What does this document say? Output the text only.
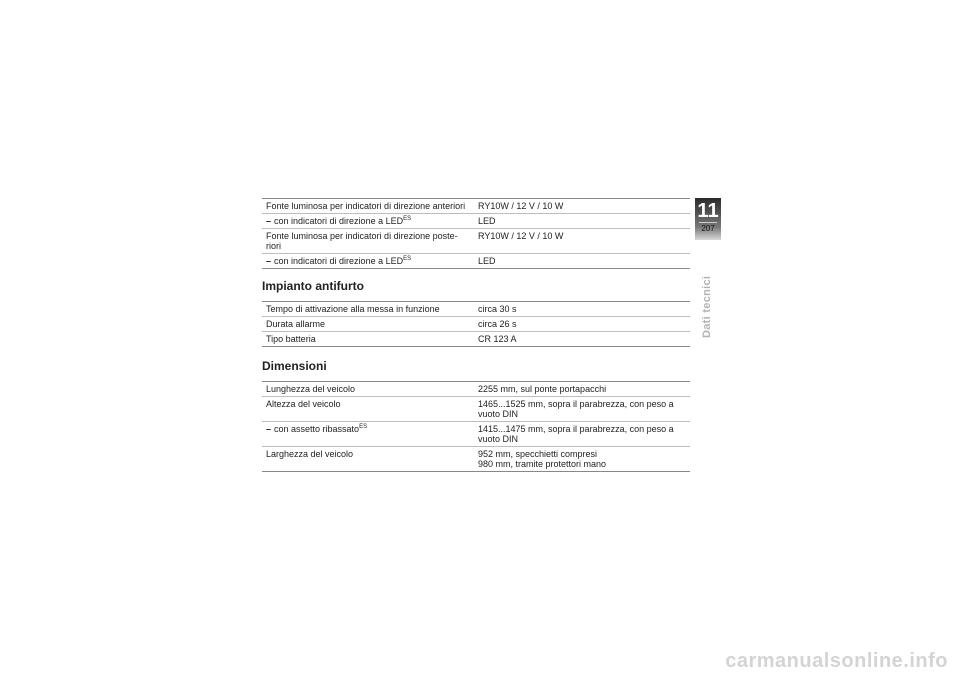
Fonte luminosa per indicatori di direzione anteriori	RY10W / 12 V / 10 W
– con indicatori di direzione a $LED^{ES}$	LED
Fonte luminosa per indicatori di direzione poste-riori	RY10W / 12 V / 10 W
– con indicatori di direzione a $LED^{ES}$	LED
Impianto antifurto
Tempo di attivazione alla messa in funzione	circa 30 s
Durata allarme	circa 26 s
Tipo batteria	CR 123 A
Dimensioni
Lunghezza del veicolo	2255 mm, sul ponte portapacchi
Altezza del veicolo	1465...1525 mm, sopra il parabrezza, con peso a vuoto DIN
– con assetto ribassato$^{ES}$	1415...1475 mm, sopra il parabrezza, con peso a vuoto DIN
Larghezza del veicolo	952 mm, specchietti compresi
980 mm, tramite protettori mano
11
207
Dati tecnici
carmanualsonline.info
